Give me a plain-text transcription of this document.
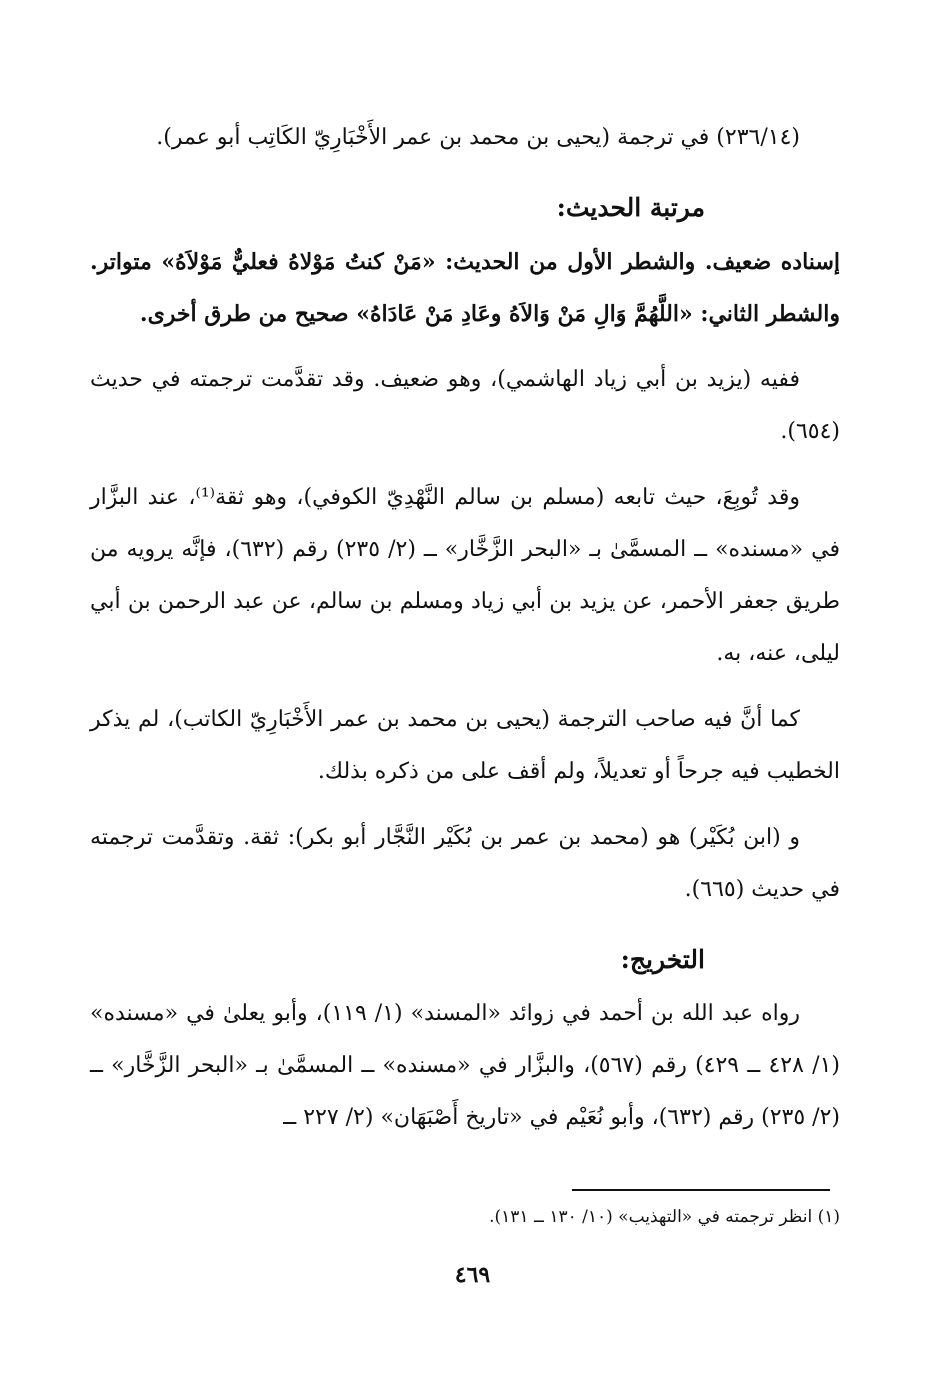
(٢٣٦/١٤) في ترجمة (يحيى بن محمد بن عمر الأَخْبَارِيّ الكَاتِب أبو عمر).

مرتبة الحديث:

إسناده ضعيف. والشطر الأول من الحديث: «مَنْ كنتُ مَوْلاهُ فعليٌّ مَوْلاَهُ» متواتر. والشطر الثاني: «اللَّهُمَّ وَالِ مَنْ وَالاَهُ وعَادِ مَنْ عَادَاهُ» صحيح من طرق أخرى.

ففيه (يزيد بن أبي زياد الهاشمي)، وهو ضعيف. وقد تقدَّمت ترجمته في حديث (٦٥٤).

وقد تُوبِعَ، حيث تابعه (مسلم بن سالم النَّهْدِيّ الكوفي)، وهو ثقة⁽¹⁾، عند البزَّار في «مسنده» ــ المسمَّىٰ بـ «البحر الزَّخَّار» ــ (٢/ ٢٣٥) رقم (٦٣٢)، فإنَّه يرويه من طريق جعفر الأحمر، عن يزيد بن أبي زياد ومسلم بن سالم، عن عبد الرحمن بن أبي ليلى، عنه، به.

كما أنَّ فيه صاحب الترجمة (يحيى بن محمد بن عمر الأَخْبَارِيّ الكاتب)، لم يذكر الخطيب فيه جرحاً أو تعديلاً، ولم أقف على من ذكره بذلك.

و (ابن بُكَيْر) هو (محمد بن عمر بن بُكَيْر النَّجَّار أبو بكر): ثقة. وتقدَّمت ترجمته في حديث (٦٦٥).

التخريج:

رواه عبد الله بن أحمد في زوائد «المسند» (١/ ١١٩)، وأبو يعلىٰ في «مسنده» (١/ ٤٢٨ ــ ٤٢٩) رقم (٥٦٧)، والبزَّار في «مسنده» ــ المسمَّىٰ بـ «البحر الزَّخَّار» ــ (٢/ ٢٣٥) رقم (٦٣٢)، وأبو نُعَيْم في «تاريخ أَصْبَهَان» (٢/ ٢٢٧ ــ

(١) انظر ترجمته في «التهذيب» (١٠/ ١٣٠ ــ ١٣١).
٤٦٩
